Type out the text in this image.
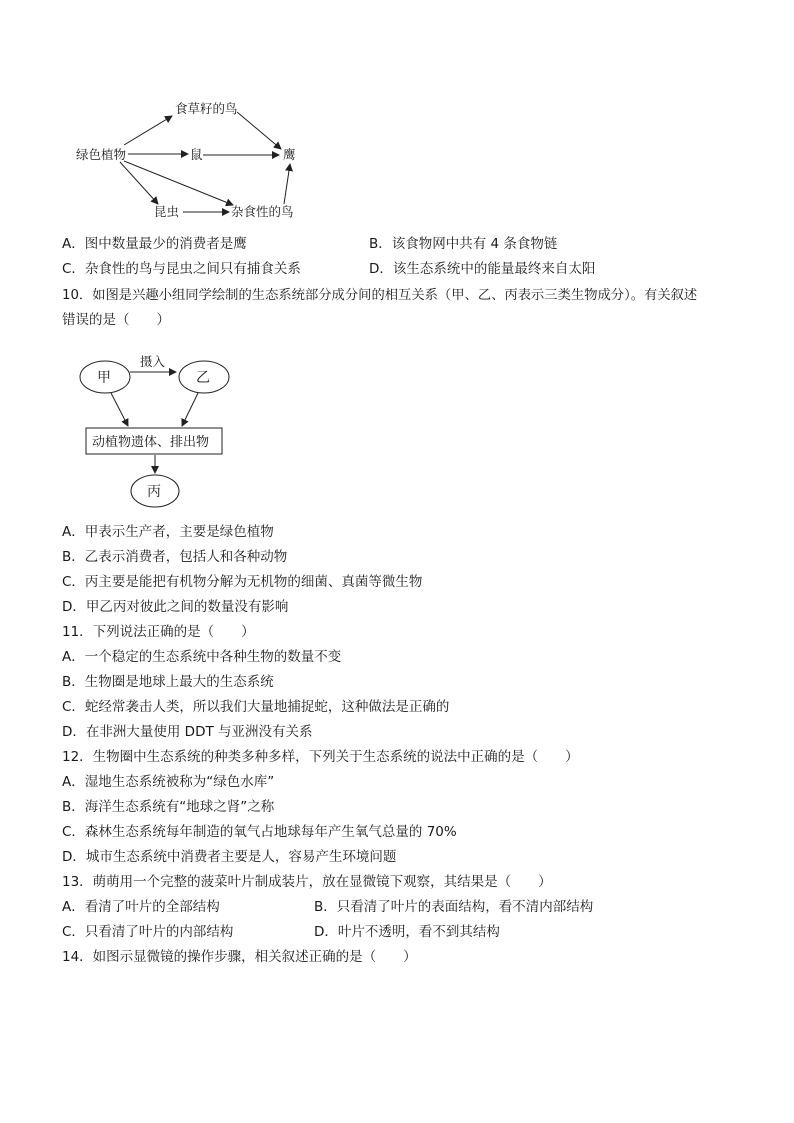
绿色植物
食草籽的鸟
鼠	鹰
昆虫	杂食性的鸟
A．图中数量最少的消费者是鹰	B．该食物网中共有 4 条食物链
C．杂食性的鸟与昆虫之间只有捕食关系	D．该生态系统中的能量最终来自太阳
10．如图是兴趣小组同学绘制的生态系统部分成分间的相互关系（甲、乙、丙表示三类生物成分）。有关叙述
错误的是（　　）
甲	乙
摄入
动植物遗体、排出物
丙
A．甲表示生产者，主要是绿色植物
B．乙表示消费者，包括人和各种动物
C．丙主要是能把有机物分解为无机物的细菌、真菌等微生物
D．甲乙丙对彼此之间的数量没有影响
11．下列说法正确的是（　　）
A．一个稳定的生态系统中各种生物的数量不变
B．生物圈是地球上最大的生态系统
C．蛇经常袭击人类，所以我们大量地捕捉蛇，这种做法是正确的
D．在非洲大量使用 DDT 与亚洲没有关系
12．生物圈中生态系统的种类多种多样，下列关于生态系统的说法中正确的是（　　）
A．湿地生态系统被称为“绿色水库”
B．海洋生态系统有“地球之肾”之称
C．森林生态系统每年制造的氧气占地球每年产生氧气总量的 70%
D．城市生态系统中消费者主要是人，容易产生环境问题
13．萌萌用一个完整的菠菜叶片制成装片，放在显微镜下观察，其结果是（　　）
A．看清了叶片的全部结构	B．只看清了叶片的表面结构，看不清内部结构
C．只看清了叶片的内部结构	D．叶片不透明，看不到其结构
14．如图示显微镜的操作步骤，相关叙述正确的是（　　）
